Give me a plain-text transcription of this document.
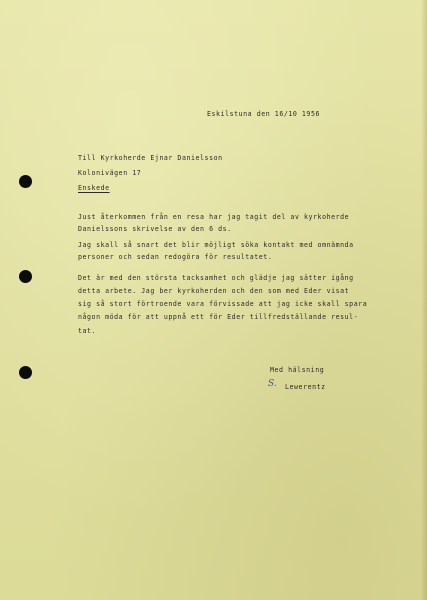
Eskilstuna den 16/10 1956
Till Kyrkoherde Ejnar Danielsson
Kolonivägen 17
Enskede
Just återkommen från en resa har jag tagit del av kyrkoherde
Danielssons skrivelse av den 6 ds.
Jag skall så snart det blir möjligt söka kontakt med omnämnda
personer och sedan redogöra för resultatet.
Det är med den största tacksamhet och glädje jag sätter igång
detta arbete. Jag ber kyrkoherden och den som med Eder visat
sig så stort förtroende vara förvissade att jag icke skall spara
någon möda för att uppnå ett för Eder tillfredställande resul-
tat.
Med hälsning
S. Lewerentz
